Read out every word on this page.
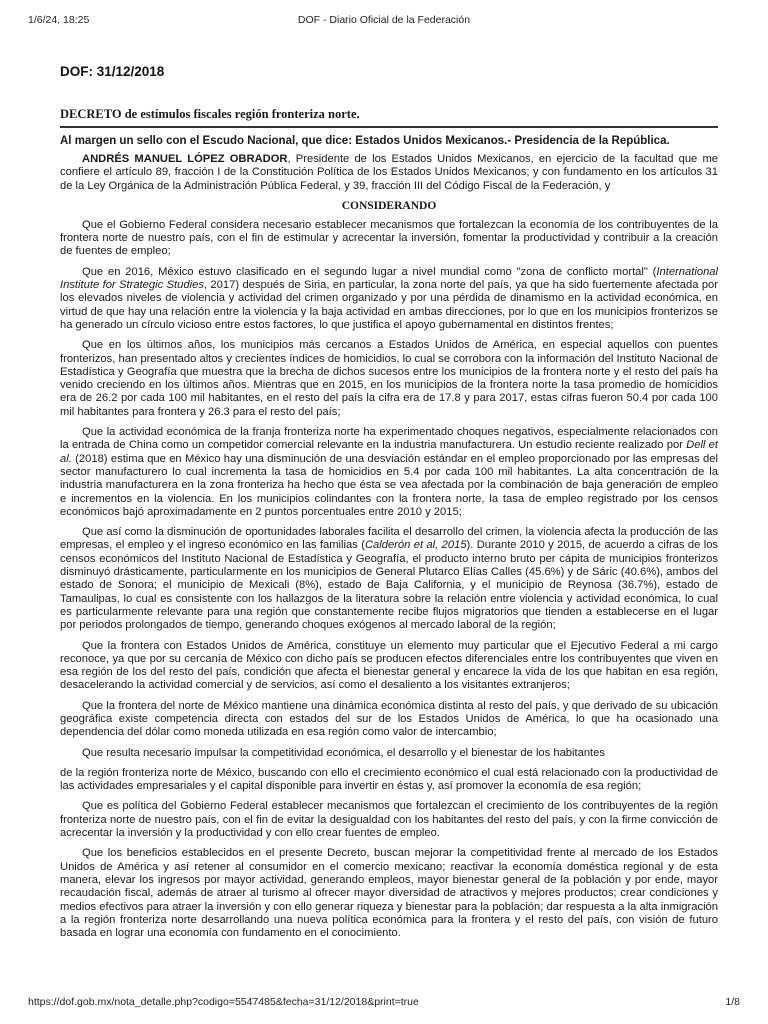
1/6/24, 18:25	DOF - Diario Oficial de la Federación
DOF: 31/12/2018
DECRETO de estímulos fiscales región fronteriza norte.
Al margen un sello con el Escudo Nacional, que dice: Estados Unidos Mexicanos.- Presidencia de la República.

ANDRÉS MANUEL LÓPEZ OBRADOR, Presidente de los Estados Unidos Mexicanos, en ejercicio de la facultad que me confiere el artículo 89, fracción I de la Constitución Política de los Estados Unidos Mexicanos; y con fundamento en los artículos 31 de la Ley Orgánica de la Administración Pública Federal, y 39, fracción III del Código Fiscal de la Federación, y

CONSIDERANDO

Que el Gobierno Federal considera necesario establecer mecanismos que fortalezcan la economía de los contribuyentes de la frontera norte de nuestro país, con el fin de estimular y acrecentar la inversión, fomentar la productividad y contribuir a la creación de fuentes de empleo;

Que en 2016, México estuvo clasificado en el segundo lugar a nivel mundial como "zona de conflicto mortal" (International Institute for Strategic Studies, 2017) después de Siria, en particular, la zona norte del país, ya que ha sido fuertemente afectada por los elevados niveles de violencia y actividad del crimen organizado y por una pérdida de dinamismo en la actividad económica, en virtud de que hay una relación entre la violencia y la baja actividad en ambas direcciones, por lo que en los municipios fronterizos se ha generado un círculo vicioso entre estos factores, lo que justifica el apoyo gubernamental en distintos frentes;

Que en los últimos años, los municipios más cercanos a Estados Unidos de América, en especial aquellos con puentes fronterizos, han presentado altos y crecientes índices de homicidios, lo cual se corrobora con la información del Instituto Nacional de Estadística y Geografía que muestra que la brecha de dichos sucesos entre los municipios de la frontera norte y el resto del país ha venido creciendo en los últimos años. Mientras que en 2015, en los municipios de la frontera norte la tasa promedio de homicidios era de 26.2 por cada 100 mil habitantes, en el resto del país la cifra era de 17.8 y para 2017, estas cifras fueron 50.4 por cada 100 mil habitantes para frontera y 26.3 para el resto del país;

Que la actividad económica de la franja fronteriza norte ha experimentado choques negativos, especialmente relacionados con la entrada de China como un competidor comercial relevante en la industria manufacturera. Un estudio reciente realizado por Dell et al. (2018) estima que en México hay una disminución de una desviación estándar en el empleo proporcionado por las empresas del sector manufacturero lo cual incrementa la tasa de homicidios en 5.4 por cada 100 mil habitantes. La alta concentración de la industria manufacturera en la zona fronteriza ha hecho que ésta se vea afectada por la combinación de baja generación de empleo e incrementos en la violencia. En los municipios colindantes con la frontera norte, la tasa de empleo registrado por los censos económicos bajó aproximadamente en 2 puntos porcentuales entre 2010 y 2015;

Que así como la disminución de oportunidades laborales facilita el desarrollo del crimen, la violencia afecta la producción de las empresas, el empleo y el ingreso económico en las familias (Calderón et al, 2015). Durante 2010 y 2015, de acuerdo a cifras de los censos económicos del Instituto Nacional de Estadística y Geografía, el producto interno bruto per cápita de municipios fronterizos disminuyó drásticamente, particularmente en los municipios de General Plutarco Elías Calles (45.6%) y de Sáric (40.6%), ambos del estado de Sonora; el municipio de Mexicali (8%), estado de Baja California, y el municipio de Reynosa (36.7%), estado de Tamaulipas, lo cual es consistente con los hallazgos de la literatura sobre la relación entre violencia y actividad económica, lo cual es particularmente relevante para una región que constantemente recibe flujos migratorios que tienden a establecerse en el lugar por periodos prolongados de tiempo, generando choques exógenos al mercado laboral de la región;

Que la frontera con Estados Unidos de América, constituye un elemento muy particular que el Ejecutivo Federal a mi cargo reconoce, ya que por su cercanía de México con dicho país se producen efectos diferenciales entre los contribuyentes que viven en esa región de los del resto del país, condición que afecta el bienestar general y encarece la vida de los que habitan en esa región, desacelerando la actividad comercial y de servicios, así como el desaliento a los visitantes extranjeros;

Que la frontera del norte de México mantiene una dinámica económica distinta al resto del país, y que derivado de su ubicación geográfica existe competencia directa con estados del sur de los Estados Unidos de América, lo que ha ocasionado una dependencia del dólar como moneda utilizada en esa región como valor de intercambio;

Que resulta necesario impulsar la competitividad económica, el desarrollo y el bienestar de los habitantes

de la región fronteriza norte de México, buscando con ello el crecimiento económico el cual está relacionado con la productividad de las actividades empresariales y el capital disponible para invertir en éstas y, así promover la economía de esa región;

Que es política del Gobierno Federal establecer mecanismos que fortalezcan el crecimiento de los contribuyentes de la región fronteriza norte de nuestro país, con el fin de evitar la desigualdad con los habitantes del resto del país, y con la firme convicción de acrecentar la inversión y la productividad y con ello crear fuentes de empleo.

Que los beneficios establecidos en el presente Decreto, buscan mejorar la competitividad frente al mercado de los Estados Unidos de América y así retener al consumidor en el comercio mexicano; reactivar la economía doméstica regional y de esta manera, elevar los ingresos por mayor actividad, generando empleos, mayor bienestar general de la población y por ende, mayor recaudación fiscal, además de atraer al turismo al ofrecer mayor diversidad de atractivos y mejores productos; crear condiciones y medios efectivos para atraer la inversión y con ello generar riqueza y bienestar para la población; dar respuesta a la alta inmigración a la región fronteriza norte desarrollando una nueva política económica para la frontera y el resto del país, con visión de futuro basada en lograr una economía con fundamento en el conocimiento.

https://dof.gob.mx/nota_detalle.php?codigo=5547485&fecha=31/12/2018&print=true	1/8
